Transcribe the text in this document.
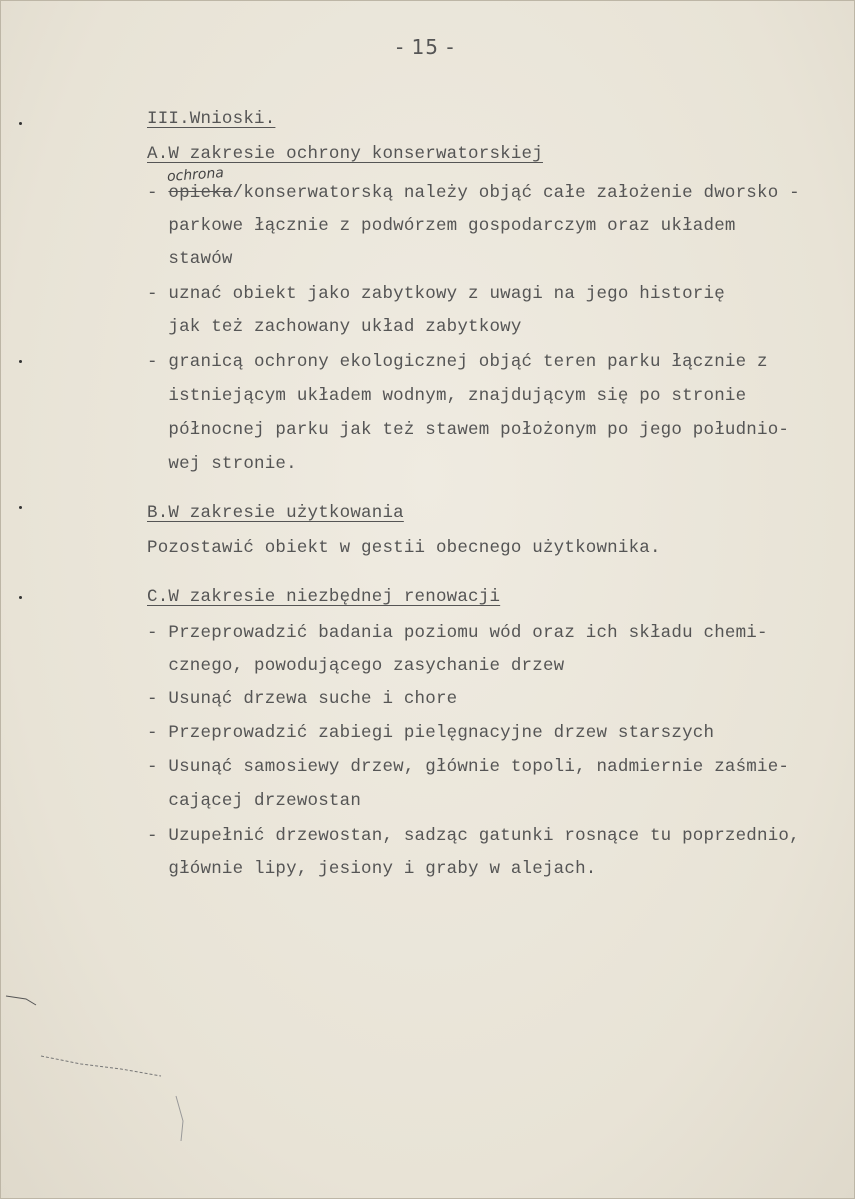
- 15 -
III.Wnioski.
A.W zakresie ochrony konserwatorskiej
ochrona
- opieka/konserwatorską należy objąć całe założenie dworsko -
parkowe łącznie z podwórzem gospodarczym oraz układem
stawów
- uznać obiekt jako zabytkowy z uwagi na jego historię
jak też zachowany układ zabytkowy
- granicą ochrony ekologicznej objąć teren parku łącznie z
istniejącym układem wodnym, znajdującym się po stronie
północnej parku jak też stawem położonym po jego południo-
wej stronie.
B.W zakresie użytkowania
Pozostawić obiekt w gestii obecnego użytkownika.
C.W zakresie niezbędnej renowacji
- Przeprowadzić badania poziomu wód oraz ich składu chemi-
cznego, powodującego zasychanie drzew
- Usunąć drzewa suche i chore
- Przeprowadzić zabiegi pielęgnacyjne drzew starszych
- Usunąć samosiewy drzew, głównie topoli, nadmiernie zaśmie-
cającej drzewostan
- Uzupełnić drzewostan, sadząc gatunki rosnące tu poprzednio,
głównie lipy, jesiony i graby w alejach.
